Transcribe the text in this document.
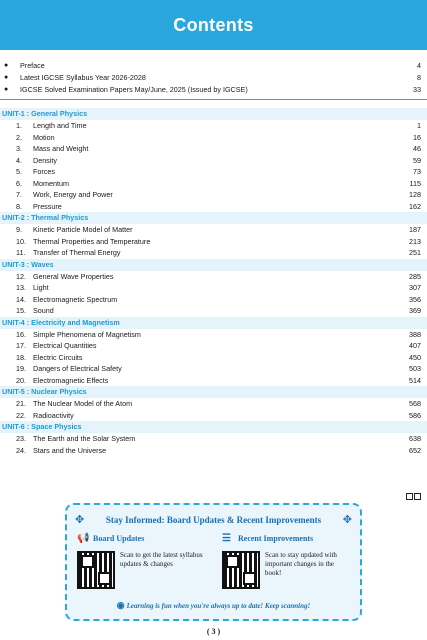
Contents
● Preface	4
● Latest IGCSE Syllabus Year 2026-2028	8
● IGCSE Solved Examination Papers May/June, 2025 (Issued by IGCSE)	33
UNIT-1 : General Physics
1. Length and Time	1
2. Motion	16
3. Mass and Weight	46
4. Density	59
5. Forces	73
6. Momentum	115
7. Work, Energy and Power	128
8. Pressure	162
UNIT-2 : Thermal Physics
9. Kinetic Particle Model of Matter	187
10. Thermal Properties and Temperature	213
11. Transfer of Thermal Energy	251
UNIT-3 : Waves
12. General Wave Properties	285
13. Light	307
14. Electromagnetic Spectrum	356
15. Sound	369
UNIT-4 : Electricity and Magnetism
16. Simple Phenomena of Magnetism	388
17. Electrical Quantities	407
18. Electric Circuits	450
19. Dangers of Electrical Safety	503
20. Electromagnetic Effects	514
UNIT-5 : Nuclear Physics
21. The Nuclear Model of the Atom	568
22. Radioactivity	586
UNIT-6 : Space Physics
23. The Earth and the Solar System	638
24. Stars and the Universe	652
✥	Stay Informed: Board Updates & Recent Improvements	✥
📢 Board Updates
Scan to get the latest syllabus updates & changes
☰ Recent Improvements
Scan to stay updated with important changes in the book!
◉ Learning is fun when you're always up to date! Keep scanning!
( 3 )
